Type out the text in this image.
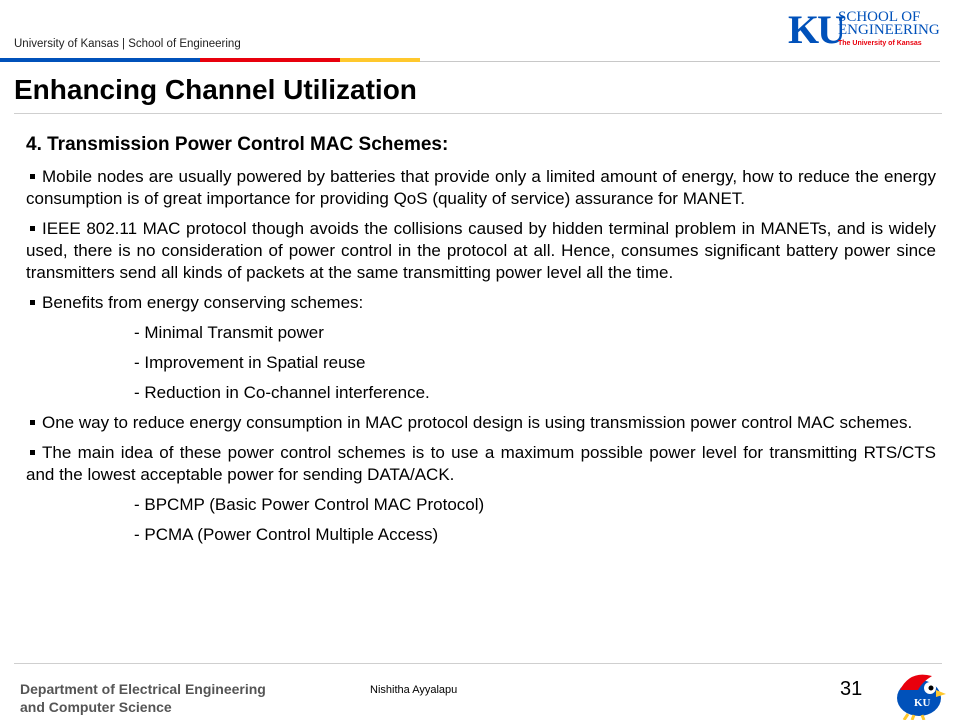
University of Kansas | School of Engineering	KU
SCHOOL OF
ENGINEERING
The University of Kansas
Enhancing Channel Utilization
4. Transmission Power Control MAC Schemes:
Mobile nodes are usually powered by batteries that provide only a limited amount of energy, how to reduce the energy consumption is of great importance for providing QoS (quality of service) assurance for MANET.
IEEE 802.11 MAC protocol though avoids the collisions caused by hidden terminal problem in MANETs, and is widely used, there is no consideration of power control in the protocol at all. Hence, consumes significant battery power since transmitters send all kinds of packets at the same transmitting power level all the time.
Benefits from energy conserving schemes:
- Minimal Transmit power
- Improvement in Spatial reuse
- Reduction in Co-channel interference.
One way to reduce energy consumption in MAC protocol design is using transmission power control MAC schemes.
The main idea of these power control schemes is to use a maximum possible power level for transmitting RTS/CTS and the lowest acceptable power for sending DATA/ACK.
- BPCMP (Basic Power Control MAC Protocol)
- PCMA (Power Control Multiple Access)
Department of Electrical Engineering
and Computer Science
Nishitha Ayyalapu	31
KU
